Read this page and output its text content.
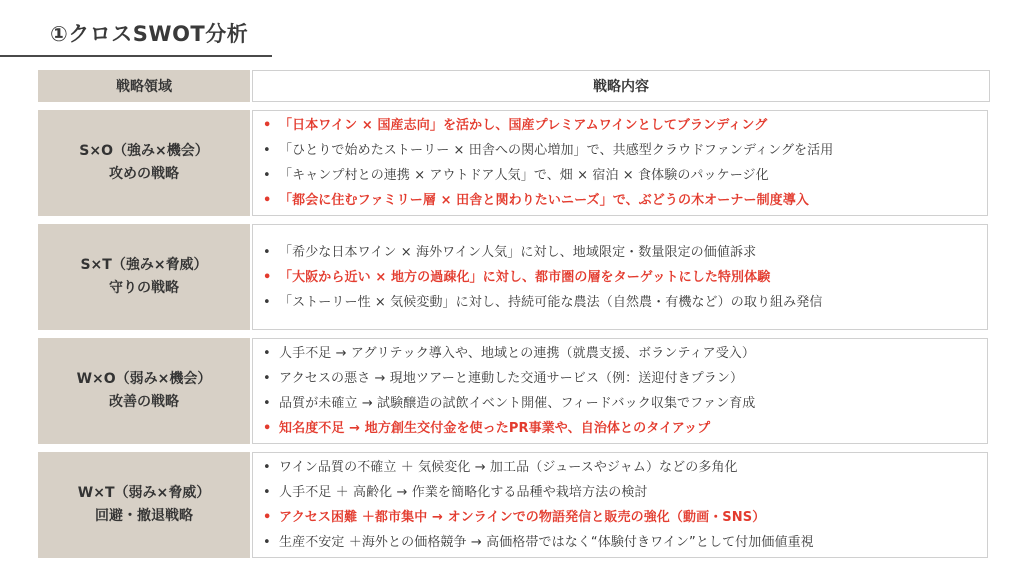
①クロスSWOT分析
戦略領域	戦略内容
S×O（強み×機会）
攻めの戦略
• 「日本ワイン × 国産志向」を活かし、国産プレミアムワインとしてブランディング
• 「ひとりで始めたストーリー × 田舎への関心増加」で、共感型クラウドファンディングを活用
• 「キャンプ村との連携 × アウトドア人気」で、畑 × 宿泊 × 食体験のパッケージ化
• 「都会に住むファミリー層 × 田舎と関わりたいニーズ」で、ぶどうの木オーナー制度導入
S×T（強み×脅威）
守りの戦略
• 「希少な日本ワイン × 海外ワイン人気」に対し、地域限定・数量限定の価値訴求
• 「大阪から近い × 地方の過疎化」に対し、都市圏の層をターゲットにした特別体験
• 「ストーリー性 × 気候変動」に対し、持続可能な農法（自然農・有機など）の取り組み発信
W×O（弱み×機会）
改善の戦略
• 人手不足 → アグリテック導入や、地域との連携（就農支援、ボランティア受入）
• アクセスの悪さ → 現地ツアーと連動した交通サービス（例：送迎付きプラン）
• 品質が未確立 → 試験醸造の試飲イベント開催、フィードバック収集でファン育成
• 知名度不足 → 地方創生交付金を使ったPR事業や、自治体とのタイアップ
W×T（弱み×脅威）
回避・撤退戦略
• ワイン品質の不確立 ＋ 気候変化 → 加工品（ジュースやジャム）などの多角化
• 人手不足 ＋ 高齢化 → 作業を簡略化する品種や栽培方法の検討
• アクセス困難 ＋都市集中 → オンラインでの物語発信と販売の強化（動画・SNS）
• 生産不安定 ＋海外との価格競争 → 高価格帯ではなく“体験付きワイン”として付加価値重視
